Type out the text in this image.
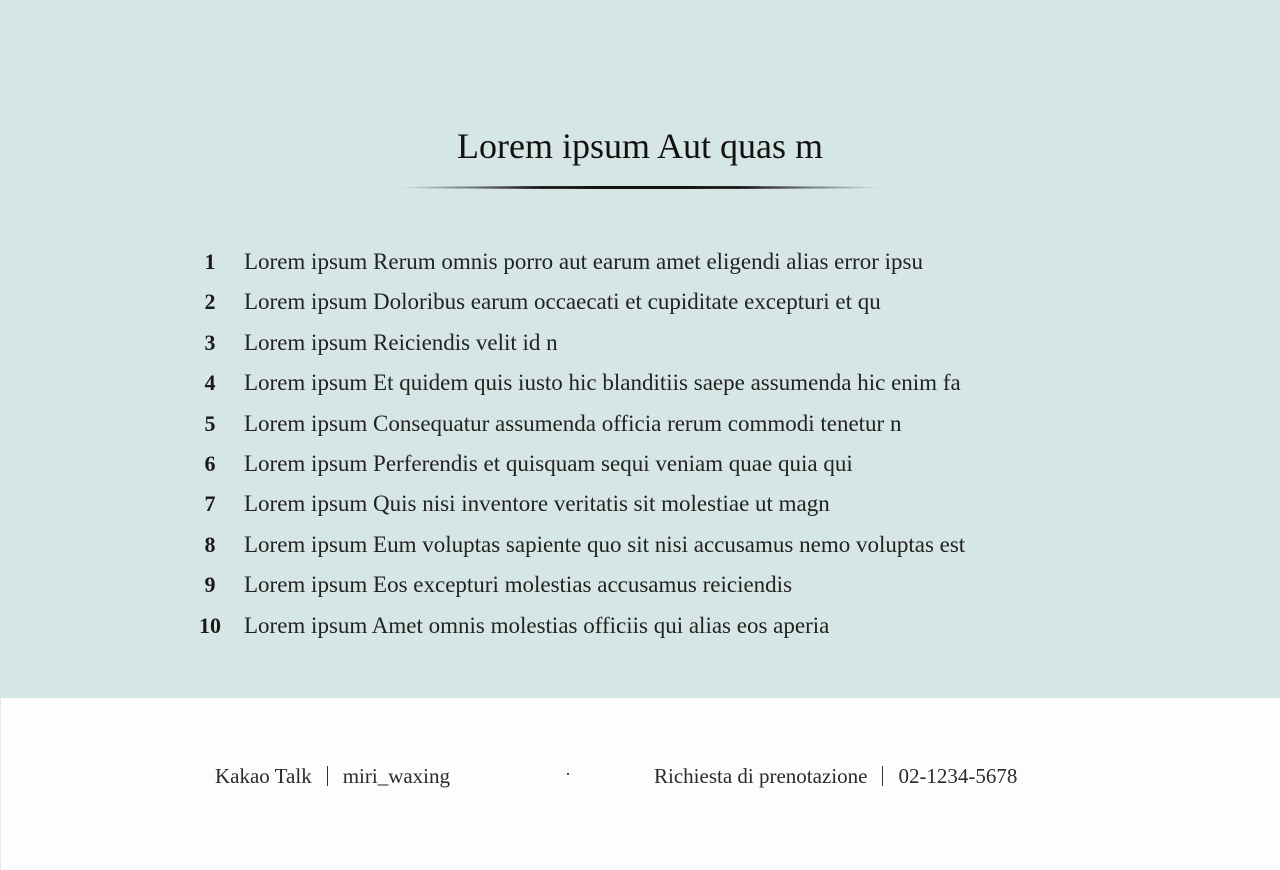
Lorem ipsum Aut quas m
1	Lorem ipsum Rerum omnis porro aut earum amet eligendi alias error ipsu
2	Lorem ipsum Doloribus earum occaecati et cupiditate excepturi et qu
3	Lorem ipsum Reiciendis velit id n
4	Lorem ipsum Et quidem quis iusto hic blanditiis saepe assumenda hic enim fa
5	Lorem ipsum Consequatur assumenda officia rerum commodi tenetur n
6	Lorem ipsum Perferendis et quisquam sequi veniam quae quia qui
7	Lorem ipsum Quis nisi inventore veritatis sit molestiae ut magn
8	Lorem ipsum Eum voluptas sapiente quo sit nisi accusamus nemo voluptas est
9	Lorem ipsum Eos excepturi molestias accusamus reiciendis
10	Lorem ipsum Amet omnis molestias officiis qui alias eos aperia
Kakao Talk miri_waxing	·	Richiesta di prenotazione 02-1234-5678
